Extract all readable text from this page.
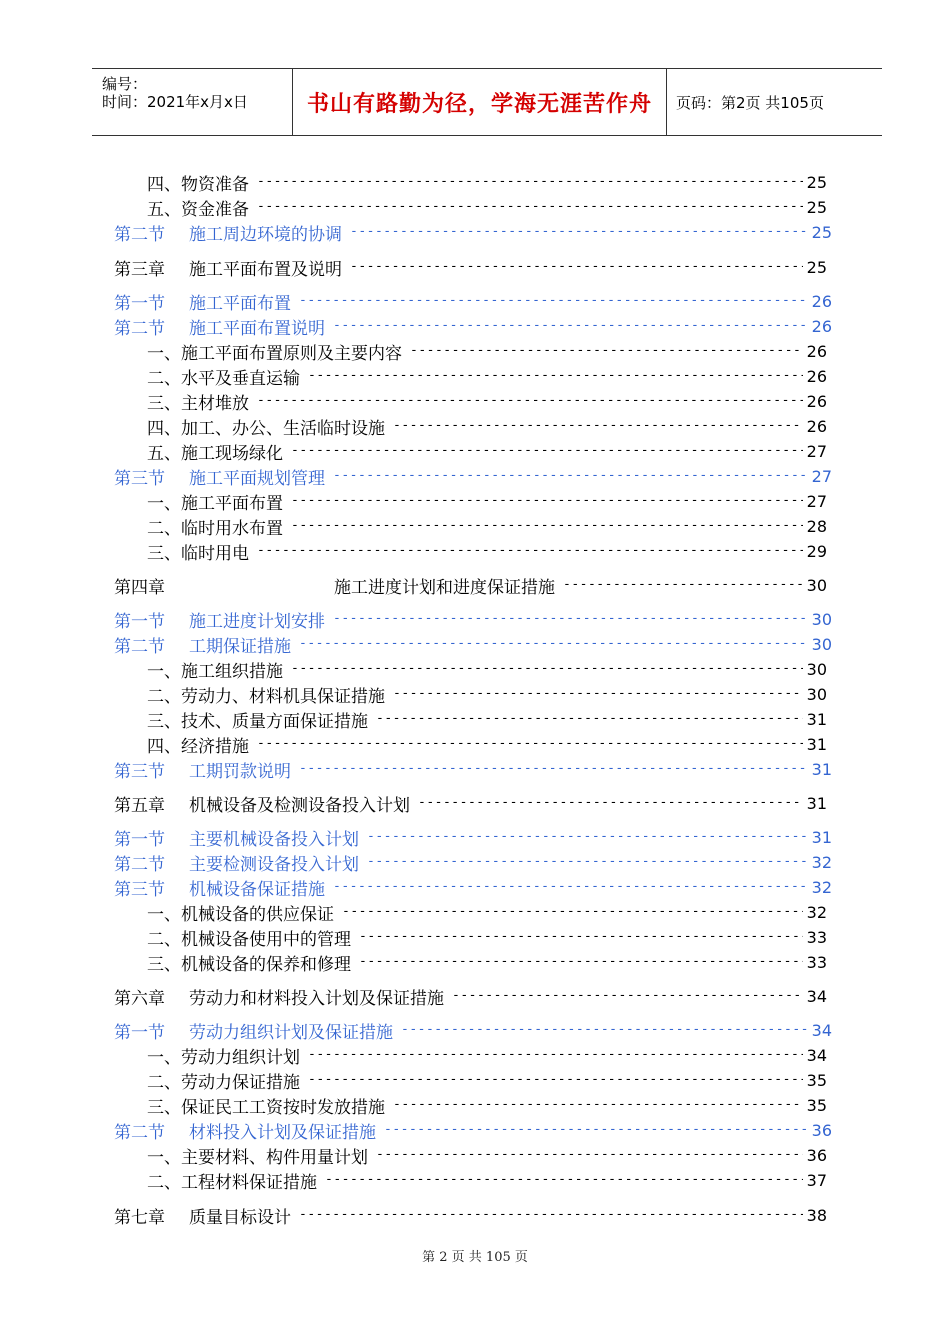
编号：
时间：2021年x月x日	书山有路勤为径，学海无涯苦作舟	页码：第2页 共105页
四、物资准备 -----	25
五、资金准备 -----	25
第二节	施工周边环境的协调 -----	25
第三章	施工平面布置及说明 -----	25
第一节	施工平面布置 -----	26
第二节	施工平面布置说明 -----	26
一、施工平面布置原则及主要内容 -----	26
二、水平及垂直运输 -----	26
三、主材堆放 -----	26
四、加工、办公、生活临时设施 -----	26
五、施工现场绿化 -----	27
第三节	施工平面规划管理 -----	27
一、施工平面布置 -----	27
二、临时用水布置 -----	28
三、临时用电 -----	29
第四章	施工进度计划和进度保证措施 -----	30
第一节	施工进度计划安排 -----	30
第二节	工期保证措施 -----	30
一、施工组织措施 -----	30
二、劳动力、材料机具保证措施 -----	30
三、技术、质量方面保证措施 -----	31
四、经济措施 -----	31
第三节	工期罚款说明 -----	31
第五章	机械设备及检测设备投入计划 -----	31
第一节	主要机械设备投入计划 -----	31
第二节	主要检测设备投入计划 -----	32
第三节	机械设备保证措施 -----	32
一、机械设备的供应保证 -----	32
二、机械设备使用中的管理 -----	33
三、机械设备的保养和修理 -----	33
第六章	劳动力和材料投入计划及保证措施 -----	34
第一节	劳动力组织计划及保证措施 -----	34
一、劳动力组织计划 -----	34
二、劳动力保证措施 -----	35
三、保证民工工资按时发放措施 -----	35
第二节	材料投入计划及保证措施 -----	36
一、主要材料、构件用量计划 -----	36
二、工程材料保证措施 -----	37
第七章	质量目标设计 -----	38
第 2 页 共 105 页
